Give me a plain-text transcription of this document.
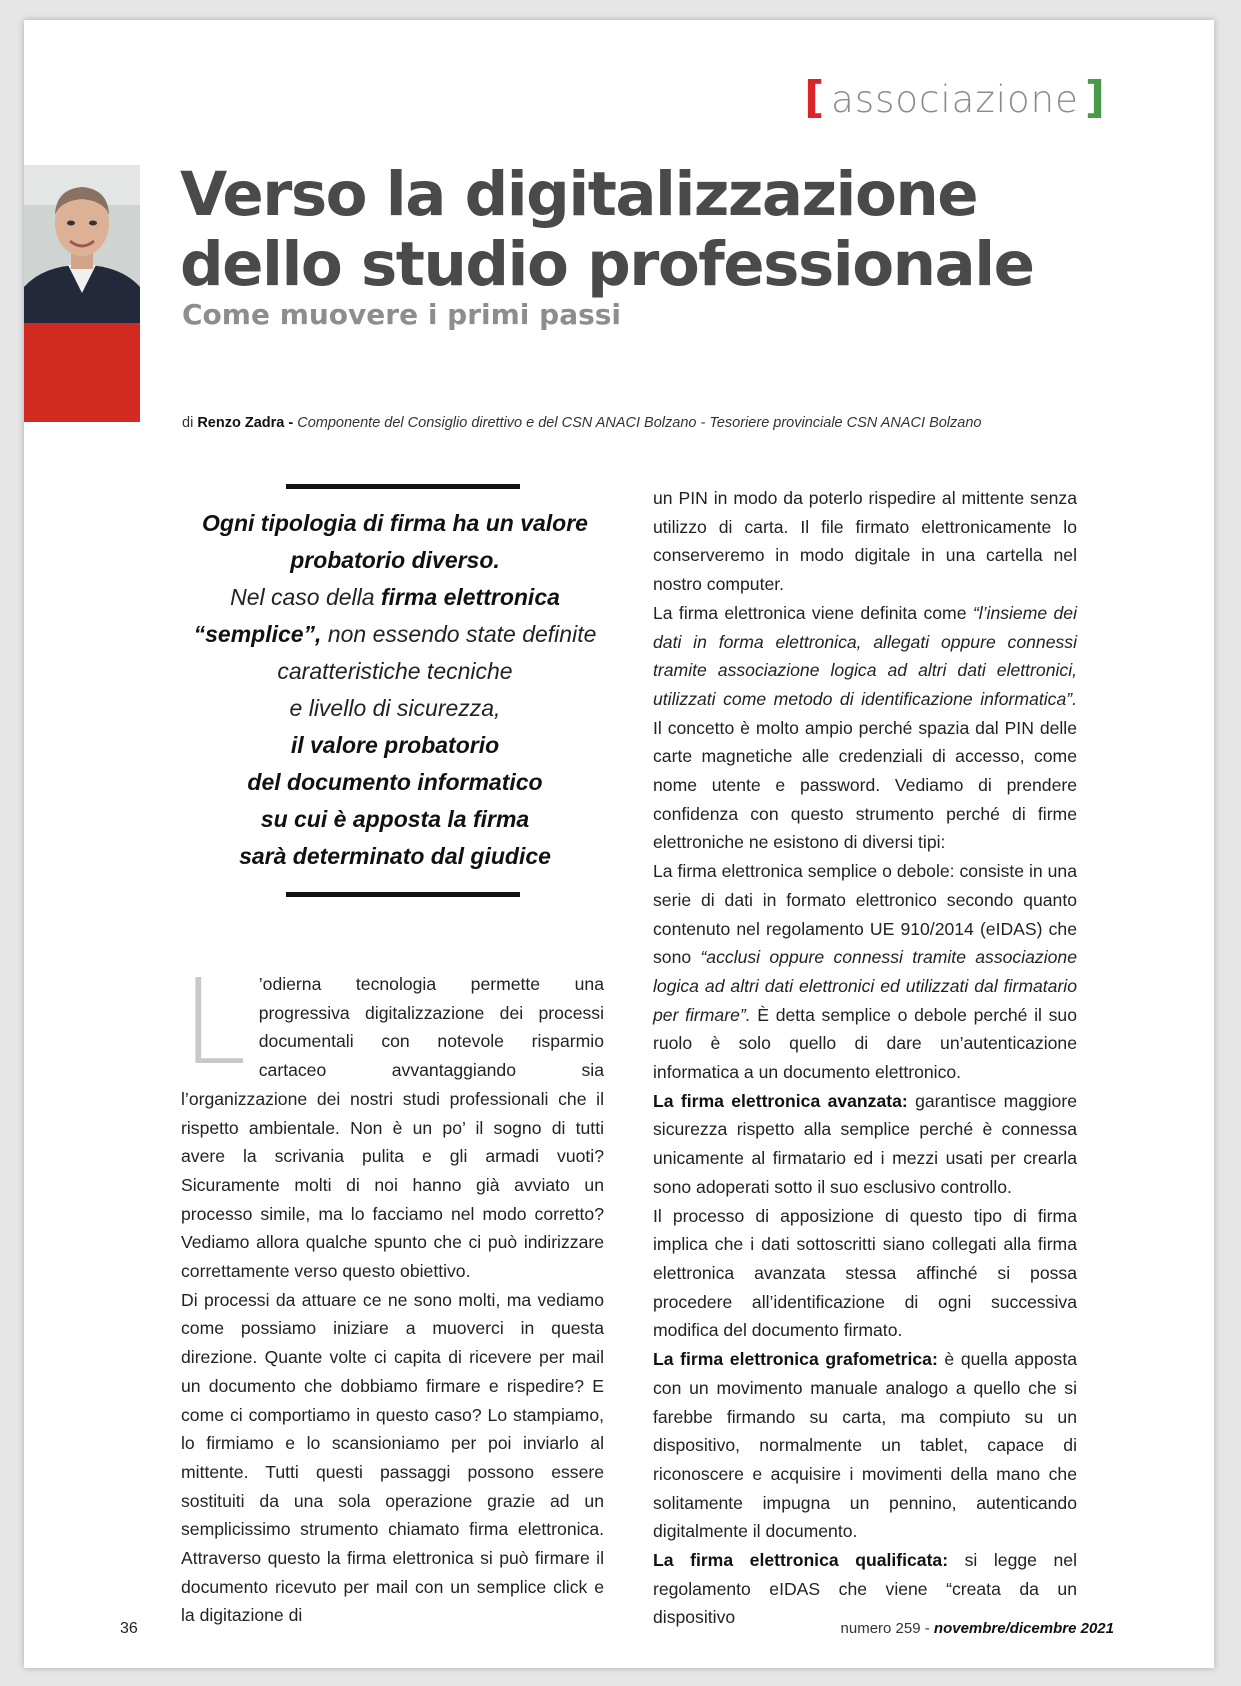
[ associazione ]
Verso la digitalizzazione
dello studio professionale
Come muovere i primi passi
di Renzo Zadra - Componente del Consiglio direttivo e del CSN ANACI Bolzano - Tesoriere provinciale CSN ANACI Bolzano
Ogni tipologia di firma ha un valore
probatorio diverso.
Nel caso della firma elettronica
“semplice”, non essendo state definite
caratteristiche tecniche
e livello di sicurezza,
il valore probatorio
del documento informatico
su cui è apposta la firma
sarà determinato dal giudice

L ’odierna tecnologia permette una progressiva digitalizzazione dei processi documentali con notevole risparmio cartaceo avvantaggiando sia l’organizzazione dei nostri studi professionali che il rispetto ambientale. Non è un po’ il sogno di tutti avere la scrivania pulita e gli armadi vuoti? Sicuramente molti di noi hanno già avviato un processo simile, ma lo facciamo nel modo corretto? Vediamo allora qualche spunto che ci può indirizzare correttamente verso questo obiettivo.

Di processi da attuare ce ne sono molti, ma vediamo come possiamo iniziare a muoverci in questa direzione. Quante volte ci capita di ricevere per mail un documento che dobbiamo firmare e rispedire? E come ci comportiamo in questo caso? Lo stampiamo, lo firmiamo e lo scansioniamo per poi inviarlo al mittente. Tutti questi passaggi possono essere sostituiti da una sola operazione grazie ad un semplicissimo strumento chiamato firma elettronica. Attraverso questo la firma elettronica si può firmare il documento ricevuto per mail con un semplice click e la digitazione di

un PIN in modo da poterlo rispedire al mittente senza utilizzo di carta. Il file firmato elettronicamente lo conserveremo in modo digitale in una cartella nel nostro computer.

La firma elettronica viene definita come “l’insieme dei dati in forma elettronica, allegati oppure connessi tramite associazione logica ad altri dati elettronici, utilizzati come metodo di identificazione informatica”. Il concetto è molto ampio perché spazia dal PIN delle carte magnetiche alle credenziali di accesso, come nome utente e password. Vediamo di prendere confidenza con questo strumento perché di firme elettroniche ne esistono di diversi tipi:

La firma elettronica semplice o debole: consiste in una serie di dati in formato elettronico secondo quanto contenuto nel regolamento UE 910/2014 (eIDAS) che sono “acclusi oppure connessi tramite associazione logica ad altri dati elettronici ed utilizzati dal firmatario per firmare”. È detta semplice o debole perché il suo ruolo è solo quello di dare un’autenticazione informatica a un documento elettronico.

La firma elettronica avanzata: garantisce maggiore sicurezza rispetto alla semplice perché è connessa unicamente al firmatario ed i mezzi usati per crearla sono adoperati sotto il suo esclusivo controllo.

Il processo di apposizione di questo tipo di firma implica che i dati sottoscritti siano collegati alla firma elettronica avanzata stessa affinché si possa procedere all’identificazione di ogni successiva modifica del documento firmato.

La firma elettronica grafometrica: è quella apposta con un movimento manuale analogo a quello che si farebbe firmando su carta, ma compiuto su un dispositivo, normalmente un tablet, capace di riconoscere e acquisire i movimenti della mano che solitamente impugna un pennino, autenticando digitalmente il documento.

La firma elettronica qualificata: si legge nel regolamento eIDAS che viene “creata da un dispositivo

36	numero 259 - novembre/dicembre 2021
